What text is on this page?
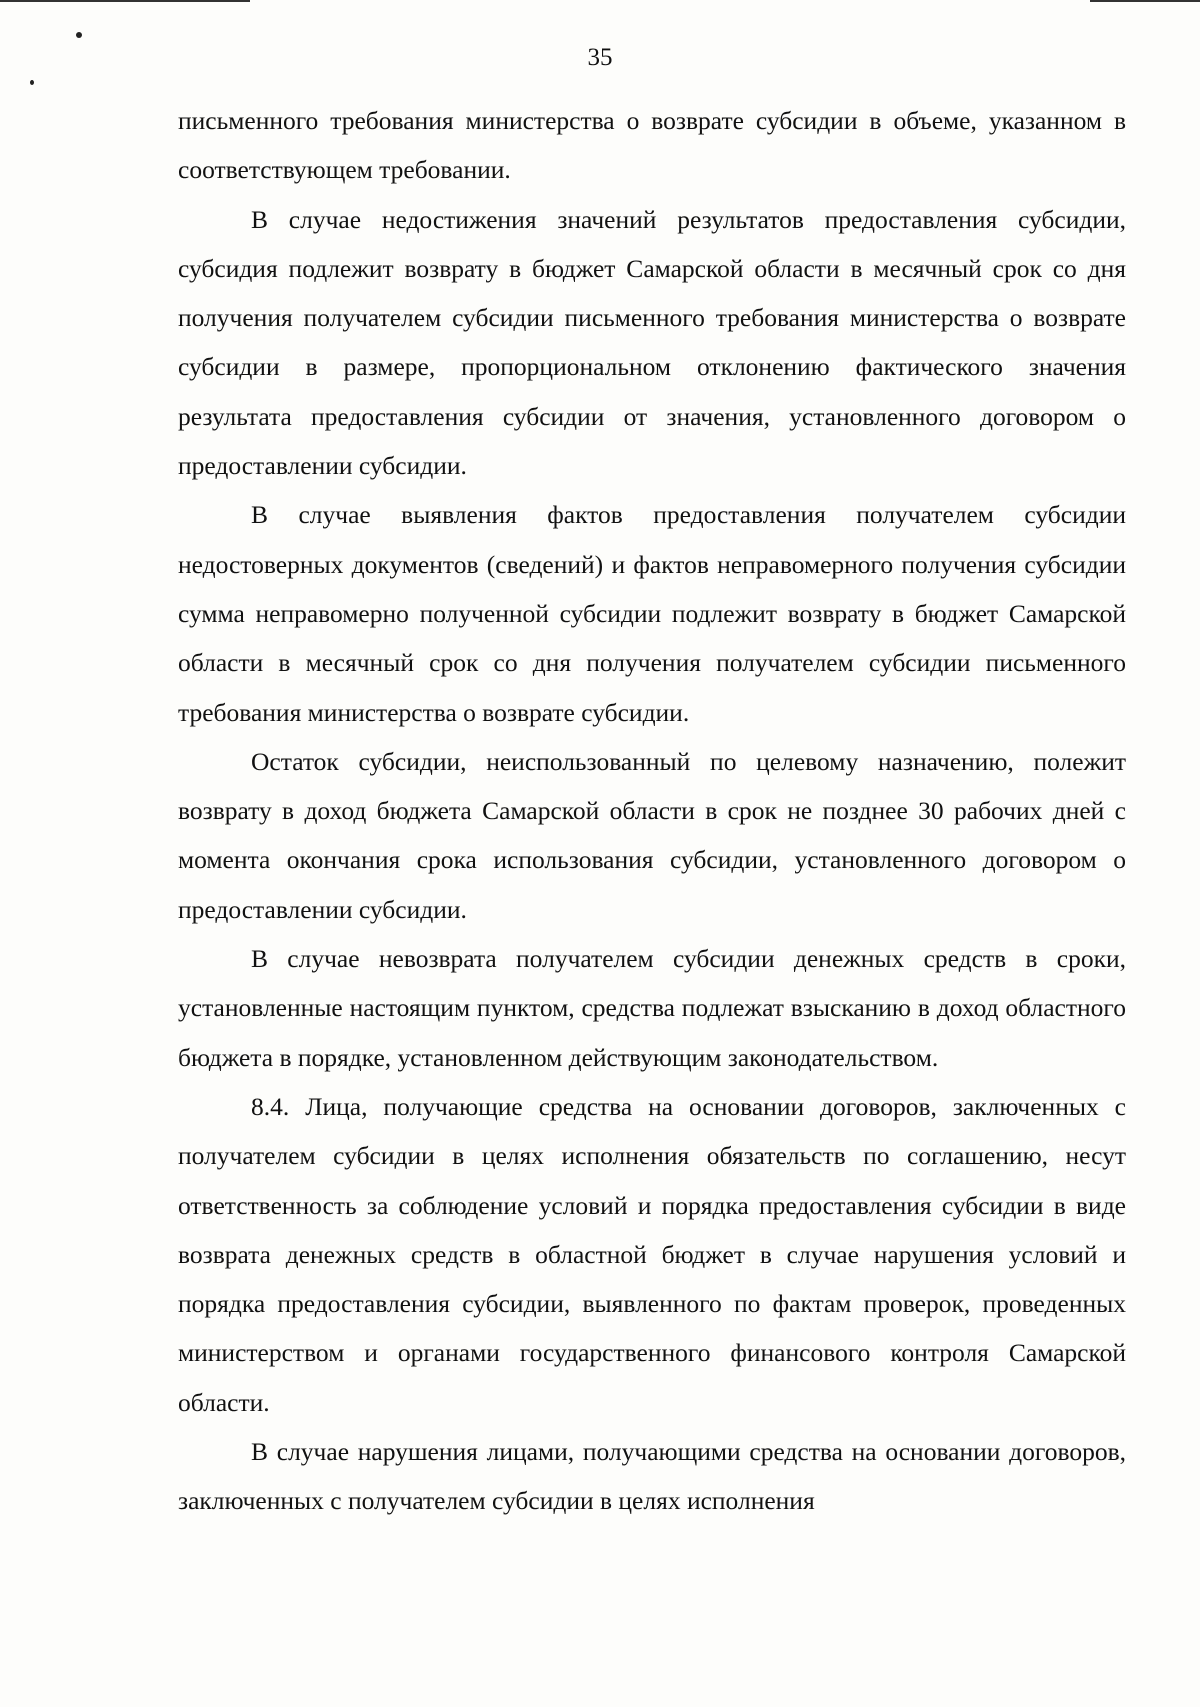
35

письменного требования министерства о возврате субсидии в объеме, указанном в соответствующем требовании.

В случае недостижения значений результатов предоставления субсидии, субсидия подлежит возврату в бюджет Самарской области в месячный срок со дня получения получателем субсидии письменного требования министерства о возврате субсидии в размере, пропорциональном отклонению фактического значения результата предоставления субсидии от значения, установленного договором о предоставлении субсидии.

В случае выявления фактов предоставления получателем субсидии недостоверных документов (сведений) и фактов неправомерного получения субсидии сумма неправомерно полученной субсидии подлежит возврату в бюджет Самарской области в месячный срок со дня получения получателем субсидии письменного требования министерства о возврате субсидии.

Остаток субсидии, неиспользованный по целевому назначению, полежит возврату в доход бюджета Самарской области в срок не позднее 30 рабочих дней с момента окончания срока использования субсидии, установленного договором о предоставлении субсидии.

В случае невозврата получателем субсидии денежных средств в сроки, установленные настоящим пунктом, средства подлежат взысканию в доход областного бюджета в порядке, установленном действующим законодательством.

8.4. Лица, получающие средства на основании договоров, заключенных с получателем субсидии в целях исполнения обязательств по соглашению, несут ответственность за соблюдение условий и порядка предоставления субсидии в виде возврата денежных средств в областной бюджет в случае нарушения условий и порядка предоставления субсидии, выявленного по фактам проверок, проведенных министерством и органами государственного финансового контроля Самарской области.

В случае нарушения лицами, получающими средства на основании договоров, заключенных с получателем субсидии в целях исполнения
